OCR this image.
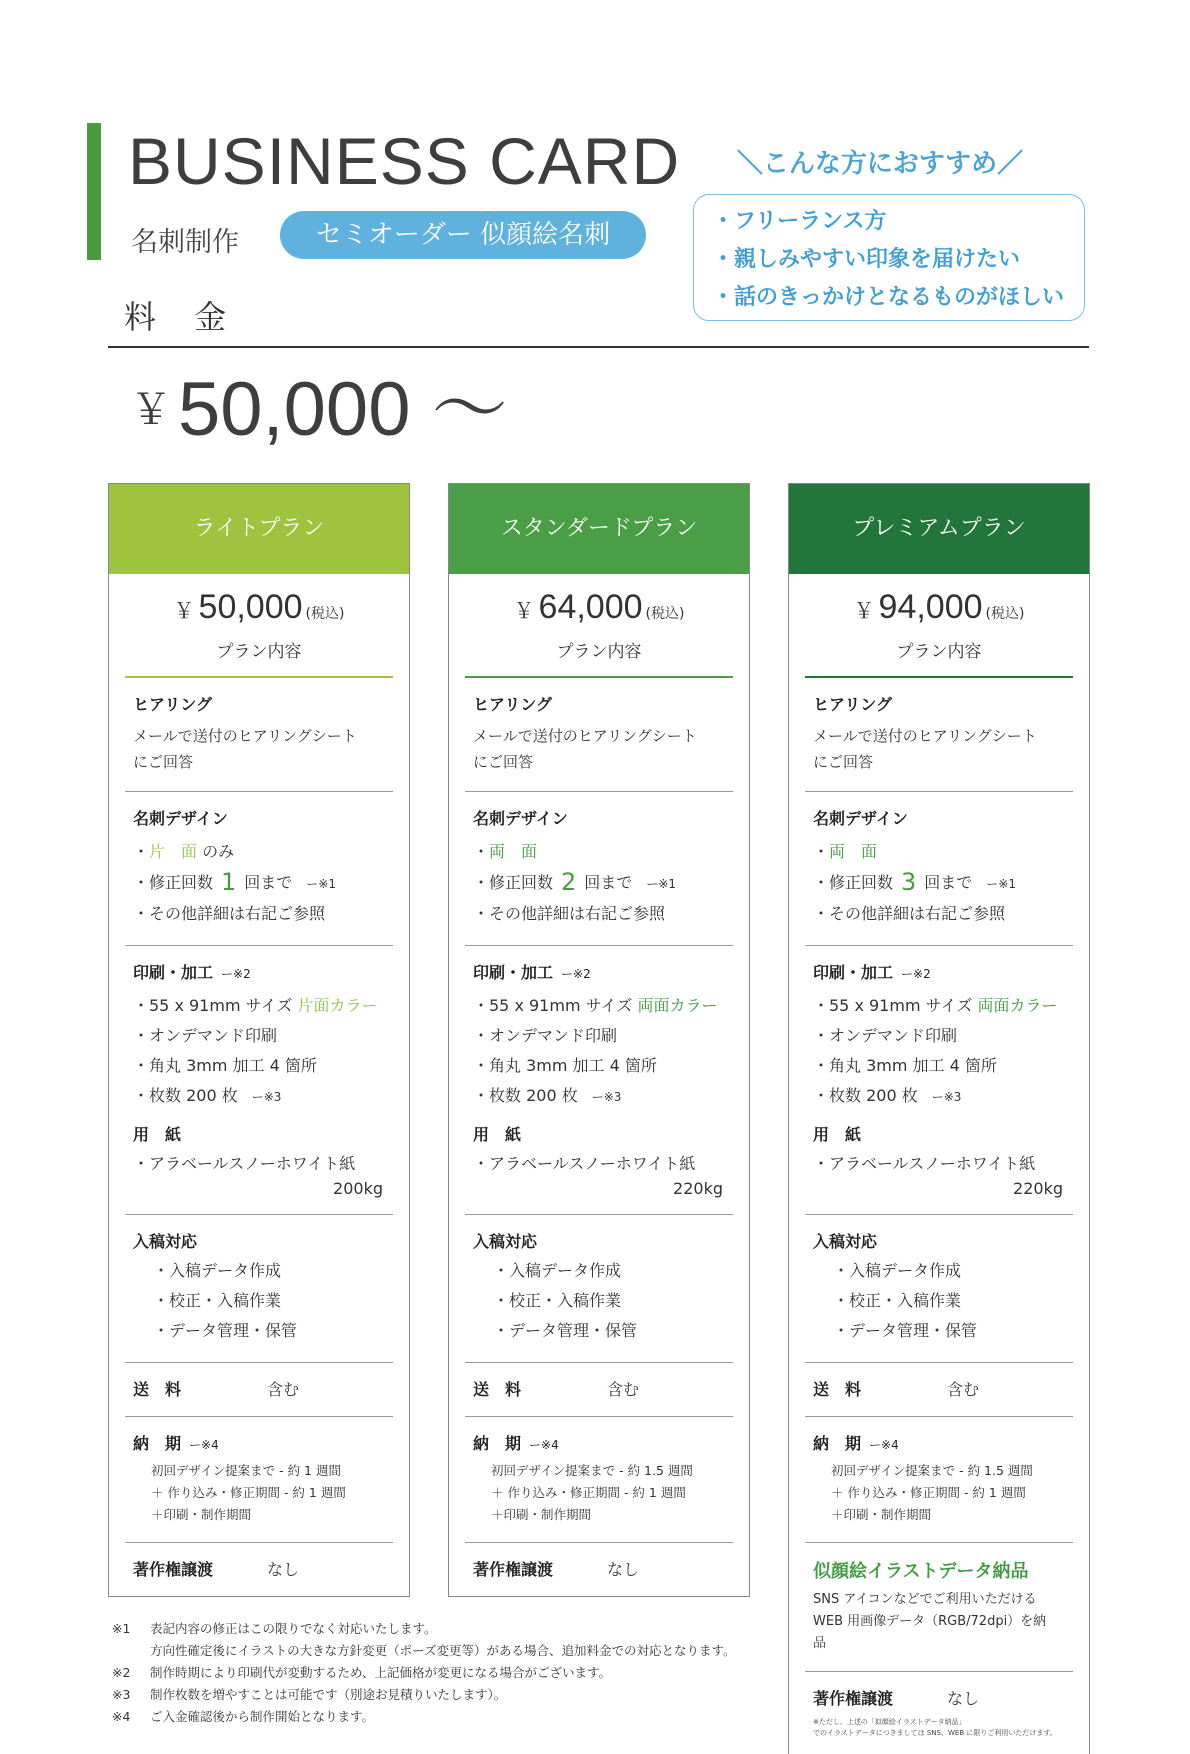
BUSINESS CARD
名刺制作	セミオーダー 似顔絵名刺
料 金
＼こんな方におすすめ／
・フリーランス方
・親しみやすい印象を届けたい
・話のきっかけとなるものがほしい
￥50,000 ～
ライトプラン
￥ 50,000 (税込)
プラン内容
ヒアリング
メールで送付のヒアリングシートにご回答
名刺デザイン
・片　面 のみ
・修正回数 1 回まで ー※1
・その他詳細は右記ご参照
印刷・加工 ー※2
・55 x 91mm サイズ 片面カラー
・オンデマンド印刷
・角丸 3mm 加工 4 箇所
・枚数 200 枚 ー※3
用　紙
・アラベールスノーホワイト紙
200kg
入稿対応
・入稿データ作成
・校正・入稿作業
・データ管理・保管
送　料	含む
納　期 ー※4
初回デザイン提案まで - 約 1 週間
＋ 作り込み・修正期間 - 約 1 週間
＋印刷・制作期間
著作権譲渡	なし
スタンダードプラン
￥ 64,000 (税込)
プラン内容
ヒアリング
メールで送付のヒアリングシートにご回答
名刺デザイン
・両　面
・修正回数 2 回まで ー※1
・その他詳細は右記ご参照
印刷・加工 ー※2
・55 x 91mm サイズ 両面カラー
・オンデマンド印刷
・角丸 3mm 加工 4 箇所
・枚数 200 枚 ー※3
用　紙
・アラベールスノーホワイト紙
220kg
入稿対応
・入稿データ作成
・校正・入稿作業
・データ管理・保管
送　料	含む
納　期 ー※4
初回デザイン提案まで - 約 1.5 週間
＋ 作り込み・修正期間 - 約 1 週間
＋印刷・制作期間
著作権譲渡	なし
プレミアムプラン
￥ 94,000 (税込)
プラン内容
ヒアリング
メールで送付のヒアリングシートにご回答
名刺デザイン
・両　面
・修正回数 3 回まで ー※1
・その他詳細は右記ご参照
印刷・加工 ー※2
・55 x 91mm サイズ 両面カラー
・オンデマンド印刷
・角丸 3mm 加工 4 箇所
・枚数 200 枚 ー※3
用　紙
・アラベールスノーホワイト紙
220kg
入稿対応
・入稿データ作成
・校正・入稿作業
・データ管理・保管
送　料	含む
納　期 ー※4
初回デザイン提案まで - 約 1.5 週間
＋ 作り込み・修正期間 - 約 1 週間
＋印刷・制作期間
似顔絵イラストデータ納品
SNS アイコンなどでご利用いただける WEB 用画像データ（RGB/72dpi）を納品
著作権譲渡	なし
※ただし、上述の「似顔絵イラストデータ納品」
でのイラストデータにつきましては SNS、WEB に限りご利用いただけます。
※1 表記内容の修正はこの限りでなく対応いたします。
方向性確定後にイラストの大きな方針変更（ポーズ変更等）がある場合、追加料金での対応となります。
※2 制作時期により印刷代が変動するため、上記価格が変更になる場合がございます。
※3 制作枚数を増やすことは可能です（別途お見積りいたします）。
※4 ご入金確認後から制作開始となります。
